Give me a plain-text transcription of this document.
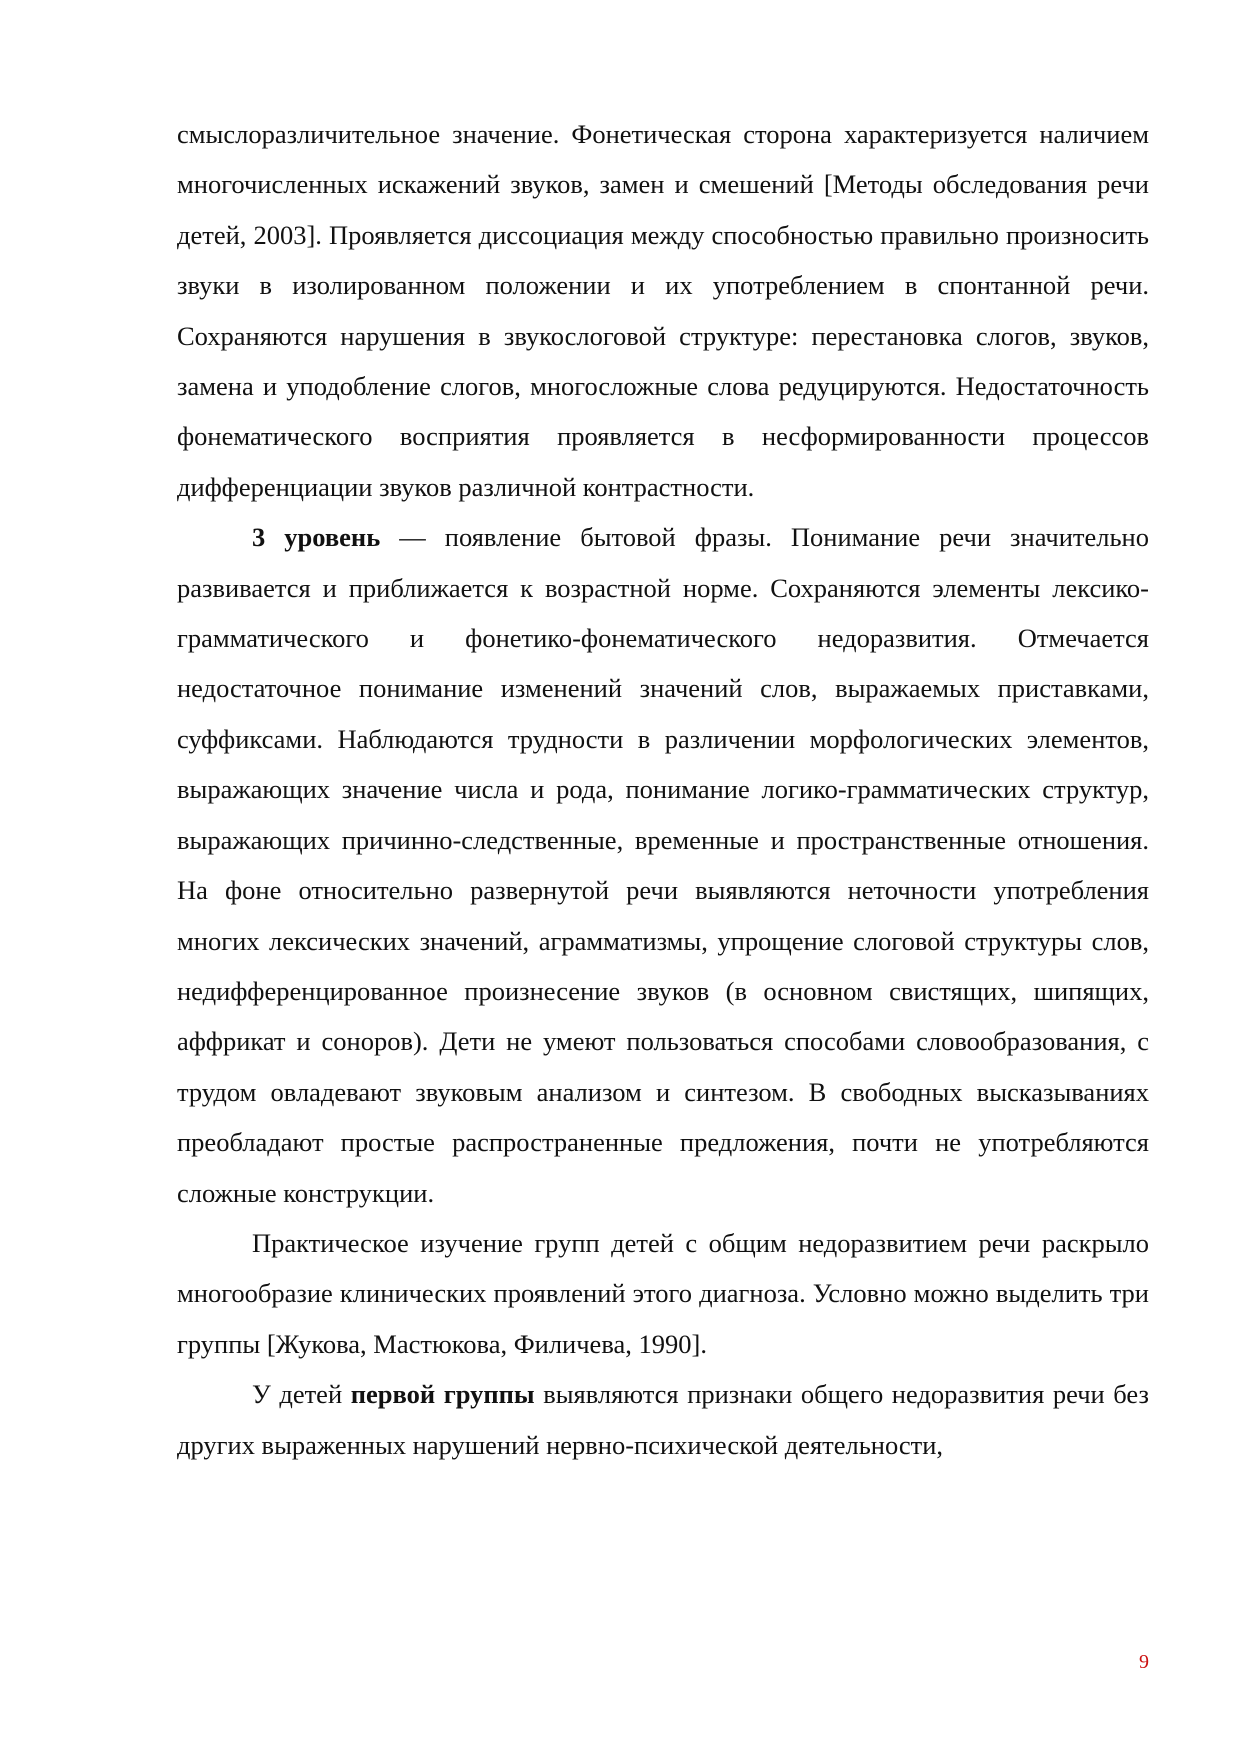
смыслоразличительное значение. Фонетическая сторона характеризуется наличием многочисленных искажений звуков, замен и смешений [Методы обследования речи детей, 2003]. Проявляется диссоциация между способностью правильно произносить звуки в изолированном положении и их употреблением в спонтанной речи. Сохраняются нарушения в звукослоговой структуре: перестановка слогов, звуков, замена и уподобление слогов, многосложные слова редуцируются. Недостаточность фонематического восприятия проявляется в несформированности процессов дифференциации звуков различной контрастности.

3 уровень — появление бытовой фразы. Понимание речи значительно развивается и приближается к возрастной норме. Сохраняются элементы лексико-грамматического и фонетико-фонематического недоразвития. Отмечается недостаточное понимание изменений значений слов, выражаемых приставками, суффиксами. Наблюдаются трудности в различении морфологических элементов, выражающих значение числа и рода, понимание логико-грамматических структур, выражающих причинно-следственные, временные и пространственные отношения. На фоне относительно развернутой речи выявляются неточности употребления многих лексических значений, аграмматизмы, упрощение слоговой структуры слов, недифференцированное произнесение звуков (в основном свистящих, шипящих, аффрикат и соноров). Дети не умеют пользоваться способами словообразования, с трудом овладевают звуковым анализом и синтезом. В свободных высказываниях преобладают простые распространенные предложения, почти не употребляются сложные конструкции.

Практическое изучение групп детей с общим недоразвитием речи раскрыло многообразие клинических проявлений этого диагноза. Условно можно выделить три группы [Жукова, Мастюкова, Филичева, 1990].

У детей первой группы выявляются признаки общего недоразвития речи без других выраженных нарушений нервно-психической деятельности,

9
